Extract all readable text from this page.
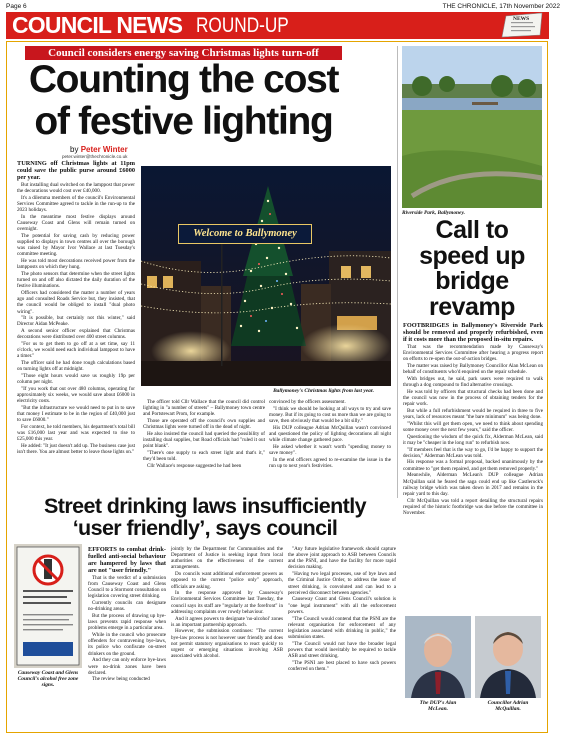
Page 6	THE CHRONICLE, 17th November 2022
COUNCIL NEWS ROUND-UP	NEWS
Council considers energy saving Christmas lights turn-off
Counting the cost
of festive lighting
by Peter Winter
peter.winter@thechronicle.co.uk

TURNING off Christmas lights at 11pm could save the public purse around £6000 per year.

But installing dual switched on the lamppost that power the decorations would cost over £40,000.

It's a dilemma members of the council's Environmental Services Committee agreed to tackle in the run-up to the 2023 holidays.

In the meantime most festive displays around Causeway Coast and Glens will remain turned on overnight.

The potential for saving cash by reducing power supplied to displays in town centres all over the borough was raised by Mayor Ivor Wallace at last Tuesday's committee meeting.

He was told most decorations received power from the lampposts on which they hung.

The photo sensors that determine when the street lights turned on and off also dictated the daily duration of the festive illuminations.

Officers had considered the matter a number of years ago and consulted Roads Service but, they insisted, that the council would be obliged to install "dual photo wiring".

"It is possible, but certainly not this winter," said Director Aidan McPeake.

A second senior officer explained that Christmas decorations were distributed over 400 street columns.

"For us to get them to go off at a set time, say 11 o'clock, we would need each individual lamppost to have a timer."

The officer said he had done rough calculations based on turning lights off at midnight.

"Those eight hours would save us roughly 19p per column per night.

"If you work that out over 480 columns, operating for approximately six weeks, we would save about £6000 in electricity costs.

"But the infrastructure we would need to put in to save that money I estimate to be in the region of £40,000 just to save £6000."

For context, he told members, his department's total bill was £16,000 last year and was expected to rise to £25,000 this year.

He added: "It just doesn't add up. The business case just isn't there. You are almost better to leave those lights on."

Welcome to Ballymoney
Ballymoney's Christmas lights from last year.

The officer told Cllr Wallace that the council did control lighting in "a number of streets" – Ballymoney town centre and Portstewart Prom, for example.

Those are operated off the council's own supplies and Christmas lights were turned off in the dead of night.

He also insisted the council had queried the possibility of installing dual supplies, but Road officials had "ruled it out point blank".

"There's one supply to each street light and that's it," they'd been told.

Cllr Wallace's response suggested he had been

convinced by the officers assessment.

"I think we should be looking at all ways to try and save money. But if its going to cost us more than we are going to save, then obviously that would be a bit silly."

His DUP colleague Adrian McQuillan wasn't convinced and questioned the policy of lighting decorations all night while climate change gathered pace.

He asked whether it wasn't worth "spending money to save money".

In the end officers agreed to re-examine the issue in the run up to next year's festivities.

Riverside Park, Ballymoney.
Call to
speed up
bridge
revamp

FOOTBRIDGES in Ballymoney's Riverside Park should be removed and properly refurbished, even if it costs more than the proposed in-situ repairs.

That was the recommendation made by Causeway's Environmental Services Committee after hearing a progress report on efforts to re-open the out-of-action bridges.

The matter was raised by Ballymoney Councillor Alan McLean on behalf of constituents who'd enquired on the repair schedule.

With bridges out, he said, park users were required to walk through a dog compound to find alternative crossings.

He was told by officers that structural checks had been done and the council was now in the process of obtaining tenders for the repair work.

But while a full refurbishment would be required in three to five years, lack of resources meant "the bare minimum" was being done.

"Whilst this will get them open, we need to think about spending some money over the next few years," said the officer.

Questioning the wisdom of the quick fix, Alderman McLean, said it may be "cheaper in the long run" to refurbish now.

"If members feel that is the way to go, I'd be happy to support the decision," Alderman McLean was told.

His response was a formal proposal, backed unanimously by the committee to "get them repaired, and get them removed properly."

Meanwhile, Alderman McLean's DUP colleague Adrian McQuillan said he feared the saga could end up like Castlerock's railway bridge which was taken down in 2017 and remains in the repair yard to this day.

Cllr McQuillan was told a report detailing the structural repairs required of the historic footbridge was due before the committee in November.

Street drinking laws insufficiently
‘user friendly’, says council
Causeway Coast and Glens Council's alcohol free zone signs.

EFFORTS to combat drink-fuelled anti-social behaviour are hampered by laws that are not "user friendly."

That is the verdict of a submission from Causeway Coast and Glens Council to a Stormont consultation on legislation covering street drinking.

Currently councils can designate no-drinking areas.

But the process of drawing up bye-laws prevents rapid response when problems emerge in a particular area.

While in the council who prosecute offenders for contravening bye-laws, its police who confiscate on-street drinkers on the ground.

And they can only enforce bye-laws were no-drink zones have been declared.

The review being conducted

jointly by the Department for Communities and the Department of Justice is seeking input from local authorities on the effectiveness of the current arrangements.

Do councils want additional enforcement powers as opposed to the current "police only" approach, officials are asking.

In the response approved by Causeway's Environmental Services Committee last Tuesday, the council says its staff are "regularly at the forefront" in addressing complaints over rowdy behaviour.

And it agrees powers to designate 'no-alcohol' zones is an important partnership approach.

However, the submission continues: "The current bye-law process is not however user friendly and does not permit statutory organisations to react quickly to urgent or emerging situations involving ASB associated with alcohol.

"Any future legislative framework should capture the above joint approach to ASB between Councils and the PSNI, and have the facility for more rapid decision making.

"Having two legal processes, use of bye laws and the Criminal Justice Order, to address the issue of street drinking, is convoluted and can lead to a perceived disconnect between agencies."

Causeway Coast and Glens Council's solution is "one legal instrument" with all the enforcement powers.

"The Council would contend that the PSNI are the relevant organisation for enforcement of any legislation associated with drinking in public," the submission states.

"The Council would not have the broader legal powers that would inevitably be required to tackle ASB and street drinking.

"The PSNI are best placed to have such powers conferred on them."

The DUP's Alan
McLean.
Councillor Adrian
McQuillan.
